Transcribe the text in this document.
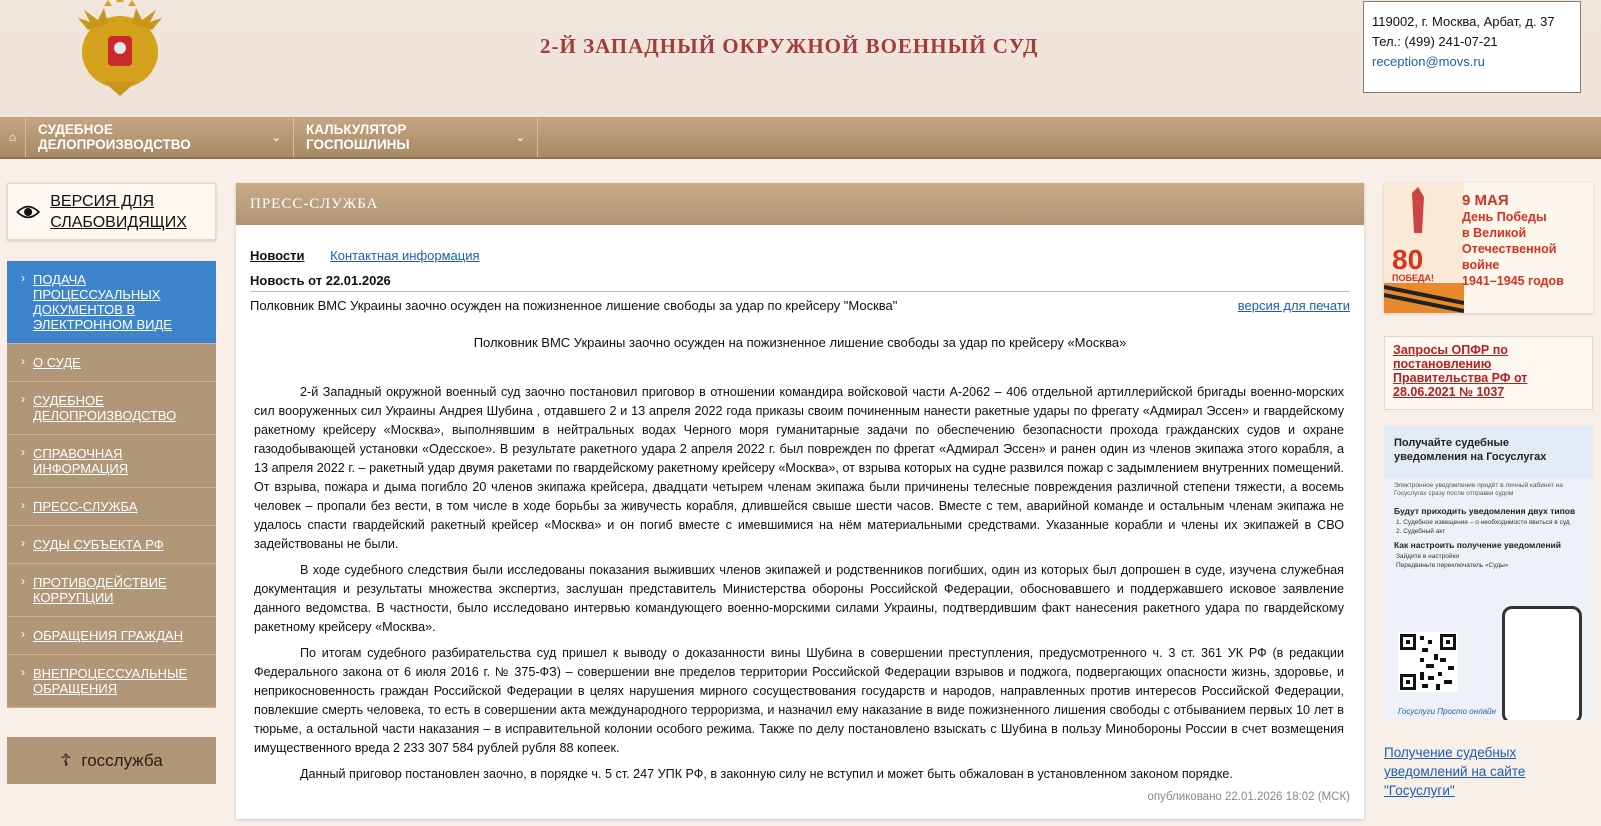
2-Й ЗАПАДНЫЙ ОКРУЖНОЙ ВОЕННЫЙ СУД
119002, г. Москва, Арбат, д. 37
Тел.: (499) 241-07-21
reception@movs.ru
⌂	СУДЕБНОЕ ДЕЛОПРОИЗВОДСТВО	⌄
КАЛЬКУЛЯТОР ГОСПОШЛИНЫ	⌄
ВЕРСИЯ ДЛЯ СЛАБОВИДЯЩИХ
› ПОДАЧА ПРОЦЕССУАЛЬНЫХ ДОКУМЕНТОВ В ЭЛЕКТРОННОМ ВИДЕ
› О СУДЕ
› СУДЕБНОЕ ДЕЛОПРОИЗВОДСТВО
› СПРАВОЧНАЯ ИНФОРМАЦИЯ
› ПРЕСС-СЛУЖБА
› СУДЫ СУБЪЕКТА РФ
› ПРОТИВОДЕЙСТВИЕ КОРРУПЦИИ
› ОБРАЩЕНИЯ ГРАЖДАН
› ВНЕПРОЦЕССУАЛЬНЫЕ ОБРАЩЕНИЯ
☦ госслужба
ПРЕСС-СЛУЖБА
Новости Контактная информация
Новость от 22.01.2026
Полковник ВМС Украины заочно осужден на пожизненное лишение свободы за удар по крейсеру "Москва"	версия для печати
Полковник ВМС Украины заочно осужден на пожизненное лишение свободы за удар по крейсеру «Москва»

2-й Западный окружной военный суд заочно постановил приговор в отношении командира войсковой части А-2062 – 406 отдельной артиллерийской бригады военно-морских сил вооруженных сил Украины Андрея Шубина , отдавшего 2 и 13 апреля 2022 года приказы своим починенным нанести ракетные удары по фрегату «Адмирал Эссен» и гвардейскому ракетному крейсеру «Москва», выполнявшим в нейтральных водах Черного моря гуманитарные задачи по обеспечению безопасности прохода гражданских судов и охране газодобывающей установки «Одесское». В результате ракетного удара 2 апреля 2022 г. был поврежден по фрегат «Адмирал Эссен» и ранен один из членов экипажа этого корабля, а 13 апреля 2022 г. – ракетный удар двумя ракетами по гвардейскому ракетному крейсеру «Москва», от взрыва которых на судне развился пожар с задымлением внутренних помещений. От взрыва, пожара и дыма погибло 20 членов экипажа крейсера, двадцати четырем членам экипажа были причинены телесные повреждения различной степени тяжести, а восемь человек – пропали без вести, в том числе в ходе борьбы за живучесть корабля, длившейся свыше шести часов. Вместе с тем, аварийной команде и остальным членам экипажа не удалось спасти гвардейский ракетный крейсер «Москва» и он погиб вместе с имевшимися на нём материальными средствами. Указанные корабли и члены их экипажей в СВО задействованы не были.

В ходе судебного следствия были исследованы показания выживших членов экипажей и родственников погибших, один из которых был допрошен в суде, изучена служебная документация и результаты множества экспертиз, заслушан представитель Министерства обороны Российской Федерации, обосновавшего и поддержавшего исковое заявление данного ведомства. В частности, было исследовано интервью командующего военно-морскими силами Украины, подтвердившим факт нанесения ракетного удара по гвардейскому ракетному крейсеру «Москва».

По итогам судебного разбирательства суд пришел к выводу о доказанности вины Шубина в совершении преступления, предусмотренного ч. 3 ст. 361 УК РФ (в редакции Федерального закона от 6 июля 2016 г. № 375-ФЗ) – совершении вне пределов территории Российской Федерации взрывов и поджога, подвергающих опасности жизнь, здоровье, и неприкосновенность граждан Российской Федерации в целях нарушения мирного сосуществования государств и народов, направленных против интересов Российской Федерации, повлекшие смерть человека, то есть в совершении акта международного терроризма, и назначил ему наказание в виде пожизненного лишения свободы с отбыванием первых 10 лет в тюрьме, а остальной части наказания – в исправительной колонии особого режима. Также по делу постановлено взыскать с Шубина в пользу Минобороны России в счет возмещения имущественного вреда 2 233 307 584 рублей рубля 88 копеек.

Данный приговор постановлен заочно, в порядке ч. 5 ст. 247 УПК РФ, в законную силу не вступил и может быть обжалован в установленном законом порядке.

опубликовано 22.01.2026 18:02 (МСК)
80
ПОБЕДА!
9 МАЯ
День Победы
в Великой
Отечественной войне
1941–1945 годов
Запросы ОПФР по постановлению Правительства РФ от 28.06.2021 № 1037
Получайте судебные уведомления на Госуслугах
Электронное уведомление придёт в личный кабинет на Госуслугах сразу после отправки судом
Будут приходить уведомления двух типов
1. Судебное извещение – о необходимости явиться в суд
2. Судебный акт
Как настроить получение уведомлений
Зайдите в настройки
Передвиньте переключатель «Суды»
Госуслуги Просто онлайн
Получение судебных уведомлений на сайте "Госуслуги"
